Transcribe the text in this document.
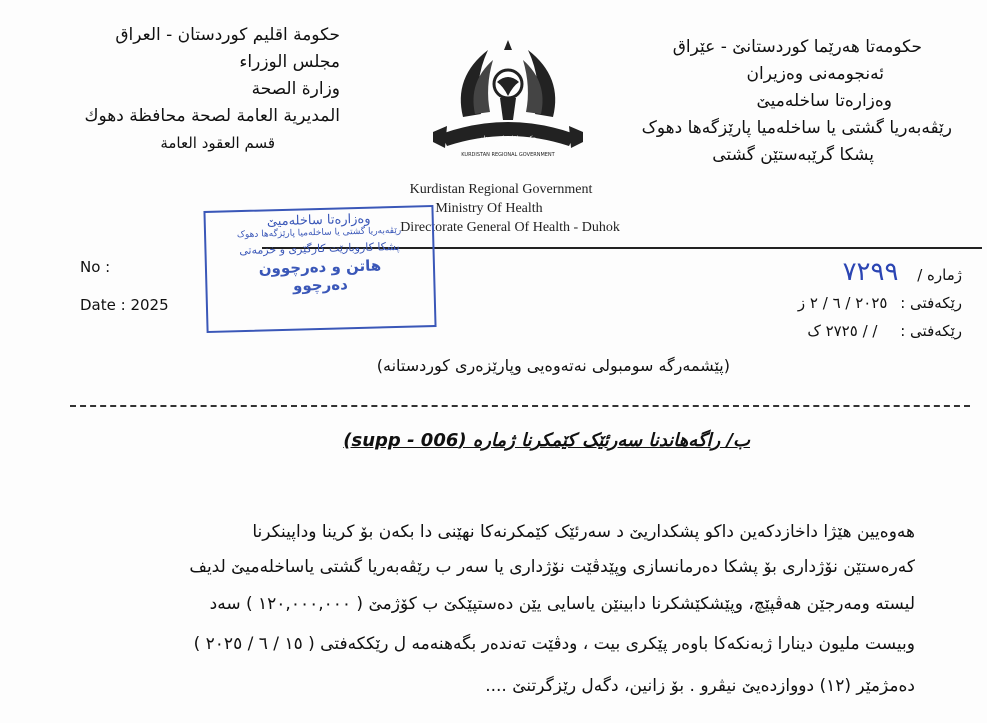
حكومة اقليم كوردستان - العراق
مجلس الوزراء
وزارة الصحة
المديرية العامة لصحة محافظة دهوك
قسم العقود العامة
حکومەتا هەرێما کوردستانێ - عێراق
ئەنجومەنی وەزیران
وەزارەتا ساخلەمیێ
رێڤەبەریا گشتی یا ساخلەمیا پارێزگەها دهوک
پشکا گرێبەستێن گشتی
حكومة اقليم كوردستان
KURDISTAN REGIONAL GOVERNMENT
Kurdistan Regional Government
Ministry Of Health
Directorate General Of Health - Duhok
وەزارەتا ساخلەمیێ
رێڤەبەریا گشتی یا ساخلەمیا پارێزگەها دهوک
پشکا کاروبارێت کارگێری و خزمەتی
هاتن و دەرچوون
دەرچوو
No :
Date : 2025
ژمارە / ٧٢٩٩
رێکەفتی : ٢٠٢٥ / ٦ / ٢ ز
رێکەفتی : / / ٢٧٢٥ ک
(پێشمەرگە سومبولی نەتەوەیی وپارێزەری کوردستانە)
ب/ راگەهاندنا سەرئێک کێمکرنا ژمارە (supp - 006)
هەوەیین هێژا داخازدکەین داکو پشکداریێ د سەرئێک کێمکرنەکا نهێنی دا بکەن بۆ کرینا وداپینکرنا
کەرەستێن نۆژداری بۆ پشکا دەرمانسازی وپێدڤێت نۆژداری یا سەر ب رێڤەبەریا گشتی یاساخلەمیێ لدیف
لیستە ومەرجێن هەڤپێچ، وپێشکێشکرنا دابینێن یاسایی یێن دەستپێکێ ب کۆژمێ ( ١٢٠,٠٠٠,٠٠٠ ) سەد
وبیست ملیون دینارا ژبەنکەکا باوەر پێکری بیت ، ودڤێت تەندەر بگەهنەمە ل رێککەفتی ( ١٥ / ٦ / ٢٠٢٥ )
دەمژمێر (١٢) دووازدەیێ نیڤرو . بۆ زانین، دگەل رێزگرتنێ ....
